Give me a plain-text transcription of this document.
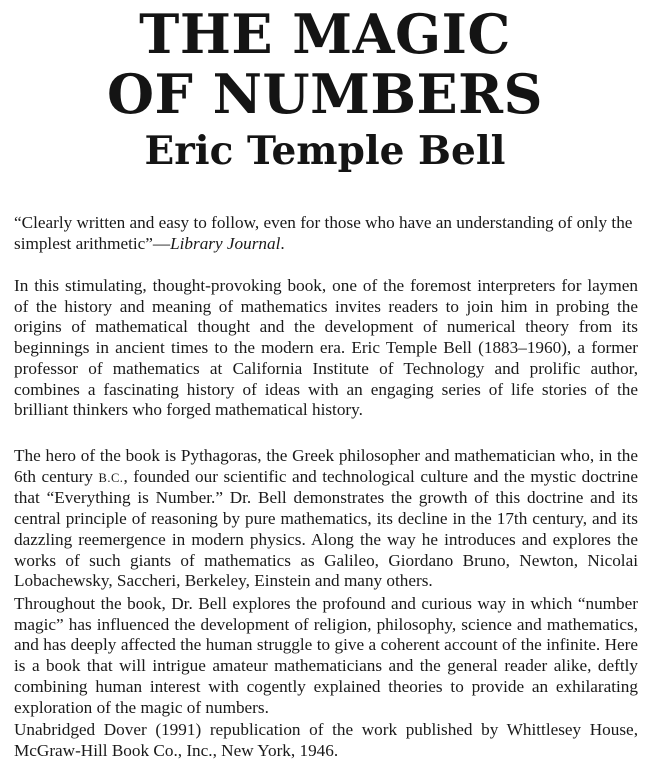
THE MAGIC
OF NUMBERS
Eric Temple Bell

“Clearly written and easy to follow, even for those who have an understanding of only the simplest arithmetic”—Library Journal.

In this stimulating, thought-provoking book, one of the foremost interpreters for laymen of the history and meaning of mathematics invites readers to join him in probing the origins of mathematical thought and the development of numerical theory from its beginnings in ancient times to the modern era. Eric Temple Bell (1883–1960), a former professor of mathematics at California Institute of Technology and prolific author, combines a fascinating history of ideas with an engaging series of life stories of the brilliant thinkers who forged mathematical history.

The hero of the book is Pythagoras, the Greek philosopher and mathematician who, in the 6th century B.C., founded our scientific and technological culture and the mystic doctrine that “Everything is Number.” Dr. Bell demonstrates the growth of this doctrine and its central principle of reasoning by pure mathematics, its decline in the 17th century, and its dazzling reemergence in modern physics. Along the way he introduces and explores the works of such giants of mathematics as Galileo, Giordano Bruno, Newton, Nicolai Lobachewsky, Saccheri, Berkeley, Einstein and many others.

Throughout the book, Dr. Bell explores the profound and curious way in which “number magic” has influenced the development of religion, philosophy, science and mathematics, and has deeply affected the human struggle to give a coherent account of the infinite. Here is a book that will intrigue amateur mathematicians and the general reader alike, deftly combining human interest with cogently explained theories to provide an exhilarating exploration of the magic of numbers.

Unabridged Dover (1991) republication of the work published by Whittlesey House, McGraw-Hill Book Co., Inc., New York, 1946.
